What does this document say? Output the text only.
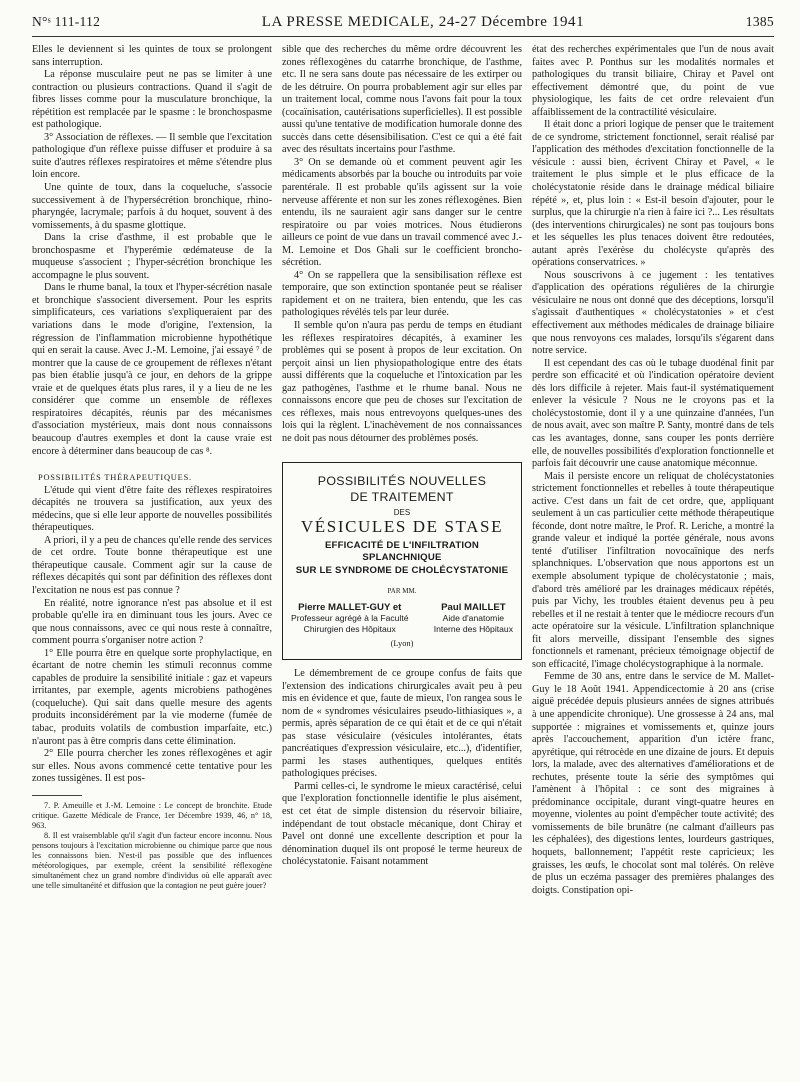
N°ˢ 111-112	LA PRESSE MEDICALE, 24-27 Décembre 1941	1385

Elles le deviennent si les quintes de toux se prolongent sans interruption.

La réponse musculaire peut ne pas se limiter à une contraction ou plusieurs contractions. Quand il s'agit de fibres lisses comme pour la musculature bronchique, la répétition est remplacée par le spasme : le bronchospasme est pathologique.

3° Association de réflexes. — Il semble que l'excitation pathologique d'un réflexe puisse diffuser et produire à sa suite d'autres réflexes respiratoires et même s'étendre plus loin encore.

Une quinte de toux, dans la coqueluche, s'associe successivement à de l'hypersécrétion bronchique, rhino-pharyngée, lacrymale; parfois à du hoquet, souvent à des vomissements, à du spasme glottique.

Dans la crise d'asthme, il est probable que le bronchospasme et l'hyperémie œdémateuse de la muqueuse s'associent ; l'hyper-sécrétion bronchique les accompagne le plus souvent.

Dans le rhume banal, la toux et l'hyper-sécrétion nasale et bronchique s'associent diversement. Pour les esprits simplificateurs, ces variations s'expliqueraient par des variations dans le mode d'origine, l'extension, la régression de l'inflammation microbienne hypothétique qui en serait la cause. Avec J.-M. Lemoine, j'ai essayé ⁷ de montrer que la cause de ce groupement de réflexes n'étant pas bien établie jusqu'à ce jour, en dehors de la grippe vraie et de quelques états plus rares, il y a lieu de ne les considérer que comme un ensemble de réflexes respiratoires décapités, réunis par des mécanismes d'association mystérieux, mais dont nous connaissons beaucoup d'autres exemples et dont la cause vraie est encore à déterminer dans beaucoup de cas ⁸.

POSSIBILITÉS THÉRAPEUTIQUES.

L'étude qui vient d'être faite des réflexes respiratoires décapités ne trouvera sa justification, aux yeux des médecins, que si elle leur apporte de nouvelles possibilités thérapeutiques.

A priori, il y a peu de chances qu'elle rende des services de cet ordre. Toute bonne thérapeutique est une thérapeutique causale. Comment agir sur la cause de réflexes décapités qui sont par définition des réflexes dont l'excitation ne nous est pas connue ?

En réalité, notre ignorance n'est pas absolue et il est probable qu'elle ira en diminuant tous les jours. Avec ce que nous connaissons, avec ce qui nous reste à connaître, comment pourra s'organiser notre action ?

1° Elle pourra être en quelque sorte prophylactique, en écartant de notre chemin les stimuli reconnus comme capables de produire la sensibilité initiale : gaz et vapeurs irritantes, par exemple, agents microbiens pathogènes (coqueluche). Qui sait dans quelle mesure des agents produits inconsidérément par la vie moderne (fumée de tabac, produits volatils de combustion imparfaite, etc.) n'auront pas à être compris dans cette élimination.

2° Elle pourra chercher les zones réflexogènes et agir sur elles. Nous avons commencé cette tentative pour les zones tussigènes. Il est pos-

7. P. Ameuille et J.-M. Lemoine : Le concept de bronchite. Etude critique. Gazette Médicale de France, 1er Décembre 1939, 46, n° 18, 963.

8. Il est vraisemblable qu'il s'agit d'un facteur encore inconnu. Nous pensons toujours à l'excitation microbienne ou chimique parce que nous les connaissons bien. N'est-il pas possible que des influences météorologiques, par exemple, créent la sensibilité réflexogène simultanément chez un grand nombre d'individus où elle apparaît avec une telle simultanéité et diffusion que la contagion ne peut guère jouer?

sible que des recherches du même ordre découvrent les zones réflexogènes du catarrhe bronchique, de l'asthme, etc. Il ne sera sans doute pas nécessaire de les extirper ou de les détruire. On pourra probablement agir sur elles par un traitement local, comme nous l'avons fait pour la toux (cocaïnisation, cautérisations superficielles). Il est possible aussi qu'une tentative de modification humorale donne des succès dans cette désensibilisation. C'est ce qui a été fait avec des résultats incertains pour l'asthme.

3° On se demande où et comment peuvent agir les médicaments absorbés par la bouche ou introduits par voie parentérale. Il est probable qu'ils agissent sur la voie nerveuse afférente et non sur les zones réflexogènes. Bien entendu, ils ne sauraient agir sans danger sur le centre respiratoire ou par voies motrices. Nous étudierons ailleurs ce point de vue dans un travail commencé avec J.-M. Lemoine et Dos Ghali sur le coefficient broncho-sécrétion.

4° On se rappellera que la sensibilisation réflexe est temporaire, que son extinction spontanée peut se réaliser rapidement et on ne traitera, bien entendu, que les cas pathologiques révélés tels par leur durée.

Il semble qu'on n'aura pas perdu de temps en étudiant les réflexes respiratoires décapités, à examiner les problèmes qui se posent à propos de leur excitation. On perçoit ainsi un lien physiopathologique entre des états aussi différents que la coqueluche et l'intoxication par les gaz pathogènes, l'asthme et le rhume banal. Nous ne connaissons encore que peu de choses sur l'excitation de ces réflexes, mais nous entrevoyons quelques-unes des lois qui la règlent. L'inachèvement de nos connaissances ne doit pas nous détourner des problèmes posés.

POSSIBILITÉS NOUVELLES
DE TRAITEMENT
DES
VÉSICULES DE STASE
EFFICACITÉ DE L'INFILTRATION
SPLANCHNIQUE
SUR LE SYNDROME DE CHOLÉCYSTATONIE
PAR MM.
Pierre MALLET-GUY et
Professeur agrégé à la Faculté
Chirurgien des Hôpitaux
Paul MAILLET
Aide d'anatomie
Interne des Hôpitaux
(Lyon)

Le démembrement de ce groupe confus de faits que l'extension des indications chirurgicales avait peu à peu mis en évidence et que, faute de mieux, l'on rangea sous le nom de « syndromes vésiculaires pseudo-lithiasiques », a permis, après séparation de ce qui était et de ce qui n'était pas stase vésiculaire (vésicules intolérantes, états pancréatiques d'expression vésiculaire, etc...), d'identifier, parmi les stases authentiques, quelques entités pathologiques précises.

Parmi celles-ci, le syndrome le mieux caractérisé, celui que l'exploration fonctionnelle identifie le plus aisément, est cet état de simple distension du réservoir biliaire, indépendant de tout obstacle mécanique, dont Chiray et Pavel ont donné une excellente description et pour la dénomination duquel ils ont proposé le terme heureux de cholécystatonie. Faisant notamment

état des recherches expérimentales que l'un de nous avait faites avec P. Ponthus sur les modalités normales et pathologiques du transit biliaire, Chiray et Pavel ont effectivement démontré que, du point de vue physiologique, les faits de cet ordre relevaient d'un affaiblissement de la contractilité vésiculaire.

Il était donc a priori logique de penser que le traitement de ce syndrome, strictement fonctionnel, serait réalisé par l'application des méthodes d'excitation fonctionnelle de la vésicule : aussi bien, écrivent Chiray et Pavel, « le traitement le plus simple et le plus efficace de la cholécystatonie réside dans le drainage médical biliaire répété », et, plus loin : « Est-il besoin d'ajouter, pour le surplus, que la chirurgie n'a rien à faire ici ?... Les résultats (des interventions chirurgicales) ne sont pas toujours bons et les séquelles les plus tenaces doivent être redoutées, autant après l'exérèse du cholécyste qu'après des opérations conservatrices. »

Nous souscrivons à ce jugement : les tentatives d'application des opérations régulières de la chirurgie vésiculaire ne nous ont donné que des déceptions, lorsqu'il s'agissait d'authentiques « cholécystatonies » et c'est effectivement aux méthodes médicales de drainage biliaire que nous renvoyons ces malades, lorsqu'ils s'égarent dans notre service.

Il est cependant des cas où le tubage duodénal finit par perdre son efficacité et où l'indication opératoire devient dès lors difficile à rejeter. Mais faut-il systématiquement enlever la vésicule ? Nous ne le croyons pas et la cholécystostomie, dont il y a une quinzaine d'années, l'un de nous avait, avec son maître P. Santy, montré dans de tels cas les avantages, donne, sans couper les ponts derrière elle, de nouvelles possibilités d'exploration fonctionnelle et parfois fait découvrir une cause anatomique méconnue.

Mais il persiste encore un reliquat de cholécystatonies strictement fonctionnelles et rebelles à toute thérapeutique active. C'est dans un fait de cet ordre, que, appliquant seulement à un cas particulier cette méthode thérapeutique féconde, dont notre maître, le Prof. R. Leriche, a montré la grande valeur et indiqué la portée générale, nous avons tenté d'utiliser l'infiltration novocaïnique des nerfs splanchniques. L'observation que nous apportons est un exemple absolument typique de cholécystatonie ; mais, d'abord très amélioré par les drainages médicaux répétés, puis par Vichy, les troubles étaient devenus peu à peu rebelles et il ne restait à tenter que le médiocre recours d'un acte opératoire sur la vésicule. L'infiltration splanchnique fit alors merveille, dissipant l'ensemble des signes fonctionnels et ramenant, précieux témoignage objectif de son efficacité, l'image cholécystographique à la normale.

Femme de 30 ans, entre dans le service de M. Mallet-Guy le 18 Août 1941. Appendicectomie à 20 ans (crise aiguë précédée depuis plusieurs années de signes attribués à une appendicite chronique). Une grossesse à 24 ans, mal supportée : migraines et vomissements et, quinze jours après l'accouchement, apparition d'un ictère franc, apyrétique, qui rétrocède en une dizaine de jours. Et depuis lors, la malade, avec des alternatives d'améliorations et de rechutes, présente toute la série des symptômes qui l'amènent à l'hôpital : ce sont des migraines à prédominance occipitale, durant vingt-quatre heures en moyenne, violentes au point d'empêcher toute activité; des vomissements de bile brunâtre (ne calmant d'ailleurs pas les céphalées), des digestions lentes, lourdeurs gastriques, hoquets, ballonnement; l'appétit reste capricieux; les graisses, les œufs, le chocolat sont mal tolérés. On relève de plus un eczéma passager des premières phalanges des doigts. Constipation opi-
